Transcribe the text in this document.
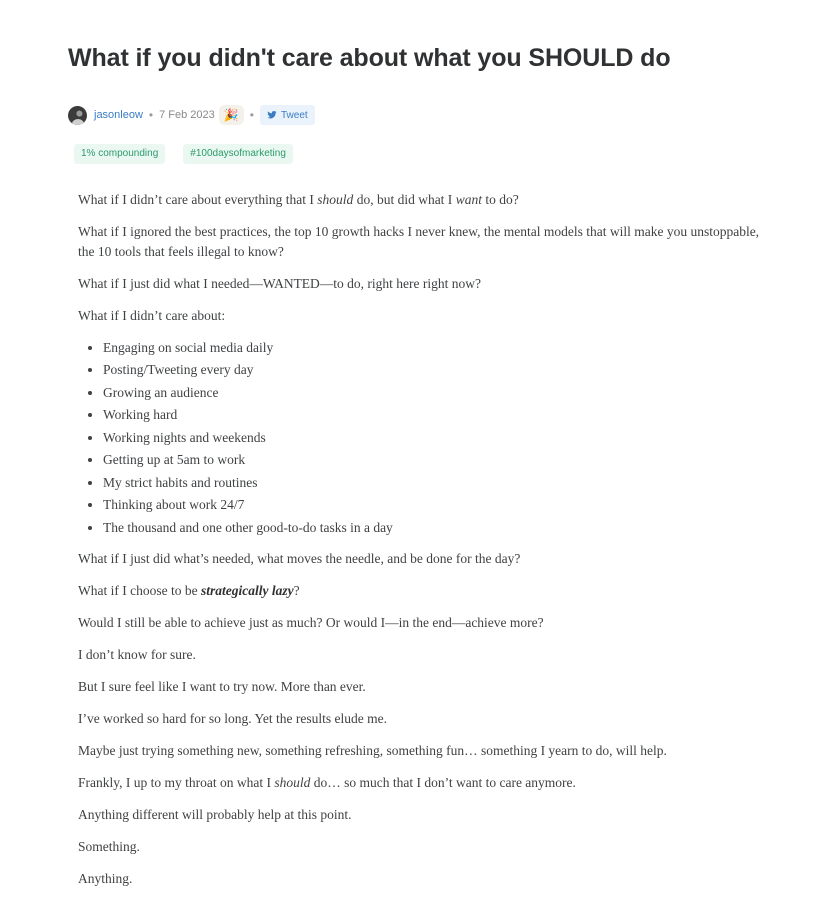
What if you didn't care about what you SHOULD do
jasonleow • 7 Feb 2023 🎉 •	Tweet
1% compounding	#100daysofmarketing

What if I didn’t care about everything that I should do, but did what I want to do?

What if I ignored the best practices, the top 10 growth hacks I never knew, the mental models that will make you unstoppable, the 10 tools that feels illegal to know?

What if I just did what I needed—WANTED—to do, right here right now?

What if I didn’t care about:

• Engaging on social media daily
• Posting/Tweeting every day
• Growing an audience
• Working hard
• Working nights and weekends
• Getting up at 5am to work
• My strict habits and routines
• Thinking about work 24/7
• The thousand and one other good-to-do tasks in a day

What if I just did what’s needed, what moves the needle, and be done for the day?

What if I choose to be strategically lazy?

Would I still be able to achieve just as much? Or would I—in the end—achieve more?

I don’t know for sure.

But I sure feel like I want to try now. More than ever.

I’ve worked so hard for so long. Yet the results elude me.

Maybe just trying something new, something refreshing, something fun… something I yearn to do, will help.

Frankly, I up to my throat on what I should do… so much that I don’t want to care anymore.

Anything different will probably help at this point.

Something.

Anything.
